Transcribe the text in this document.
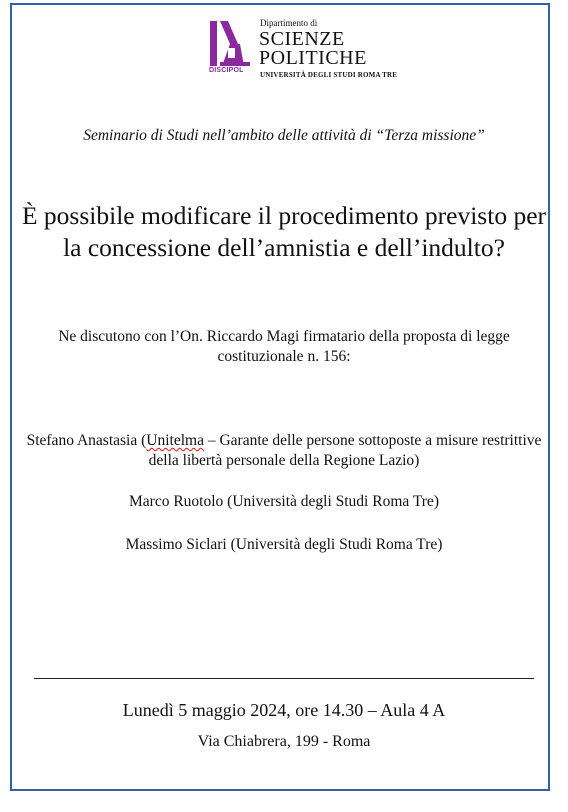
DISCIPOL
Dipartimento di
SCIENZE
POLITICHE
UNIVERSITÀ DEGLI STUDI ROMA TRE
Seminario di Studi nell’ambito delle attività di “Terza missione”
È possibile modificare il procedimento previsto per la concessione dell’amnistia e dell’indulto?
Ne discutono con l’On. Riccardo Magi firmatario della proposta di legge costituzionale n. 156:
Stefano Anastasia (Unitelma – Garante delle persone sottoposte a misure restrittive della libertà personale della Regione Lazio)
Marco Ruotolo (Università degli Studi Roma Tre)
Massimo Siclari (Università degli Studi Roma Tre)
Lunedì 5 maggio 2024, ore 14.30 – Aula 4 A
Via Chiabrera, 199 - Roma
